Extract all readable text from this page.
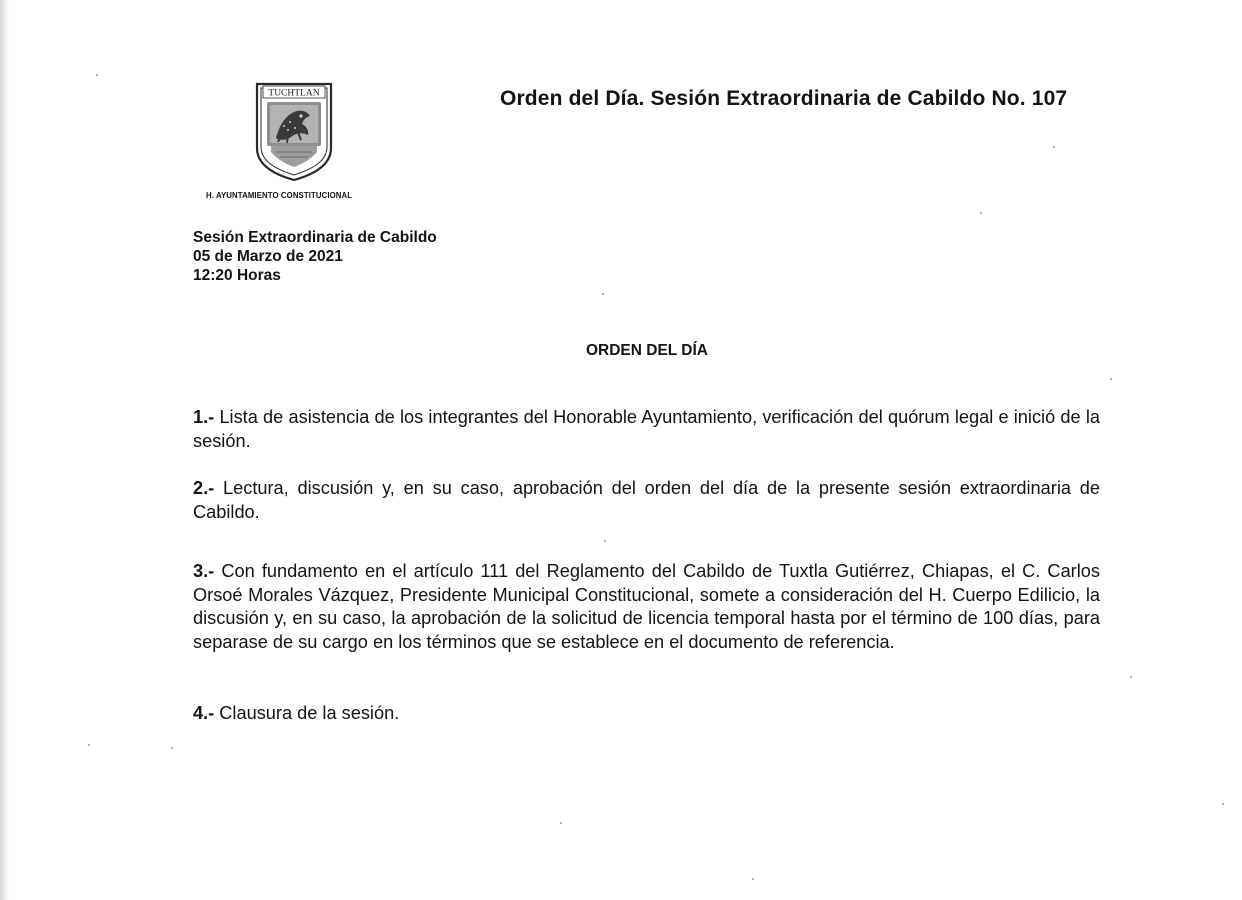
TUCHTLAN
H. AYUNTAMIENTO CONSTITUCIONAL
Orden del Día. Sesión Extraordinaria de Cabildo No. 107
Sesión Extraordinaria de Cabildo
05 de Marzo de 2021
12:20 Horas
ORDEN DEL DÍA

1.- Lista de asistencia de los integrantes del Honorable Ayuntamiento, verificación del quórum legal e inició de la sesión.

2.- Lectura, discusión y, en su caso, aprobación del orden del día de la presente sesión extraordinaria de Cabildo.

3.- Con fundamento en el artículo 111 del Reglamento del Cabildo de Tuxtla Gutiérrez, Chiapas, el C. Carlos Orsoé Morales Vázquez, Presidente Municipal Constitucional, somete a consideración del H. Cuerpo Edilicio, la discusión y, en su caso, la aprobación de la solicitud de licencia temporal hasta por el término de 100 días, para separase de su cargo en los términos que se establece en el documento de referencia.

4.- Clausura de la sesión.
